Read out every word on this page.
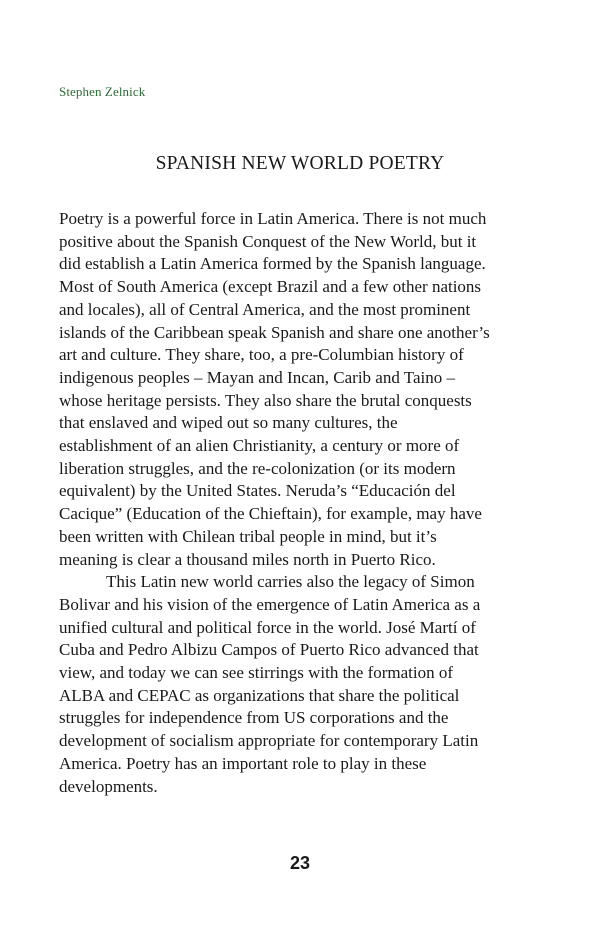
Stephen Zelnick
SPANISH NEW WORLD POETRY
Poetry is a powerful force in Latin America. There is not much
positive about the Spanish Conquest of the New World, but it
did establish a Latin America formed by the Spanish language.
Most of South America (except Brazil and a few other nations
and locales), all of Central America, and the most prominent
islands of the Caribbean speak Spanish and share one another’s
art and culture. They share, too, a pre-Columbian history of
indigenous peoples – Mayan and Incan, Carib and Taino –
whose heritage persists. They also share the brutal conquests
that enslaved and wiped out so many cultures, the
establishment of an alien Christianity, a century or more of
liberation struggles, and the re-colonization (or its modern
equivalent) by the United States. Neruda’s “Educación del
Cacique” (Education of the Chieftain), for example, may have
been written with Chilean tribal people in mind, but it’s
meaning is clear a thousand miles north in Puerto Rico.
This Latin new world carries also the legacy of Simon
Bolivar and his vision of the emergence of Latin America as a
unified cultural and political force in the world. José Martí of
Cuba and Pedro Albizu Campos of Puerto Rico advanced that
view, and today we can see stirrings with the formation of
ALBA and CEPAC as organizations that share the political
struggles for independence from US corporations and the
development of socialism appropriate for contemporary Latin
America. Poetry has an important role to play in these
developments.
23
